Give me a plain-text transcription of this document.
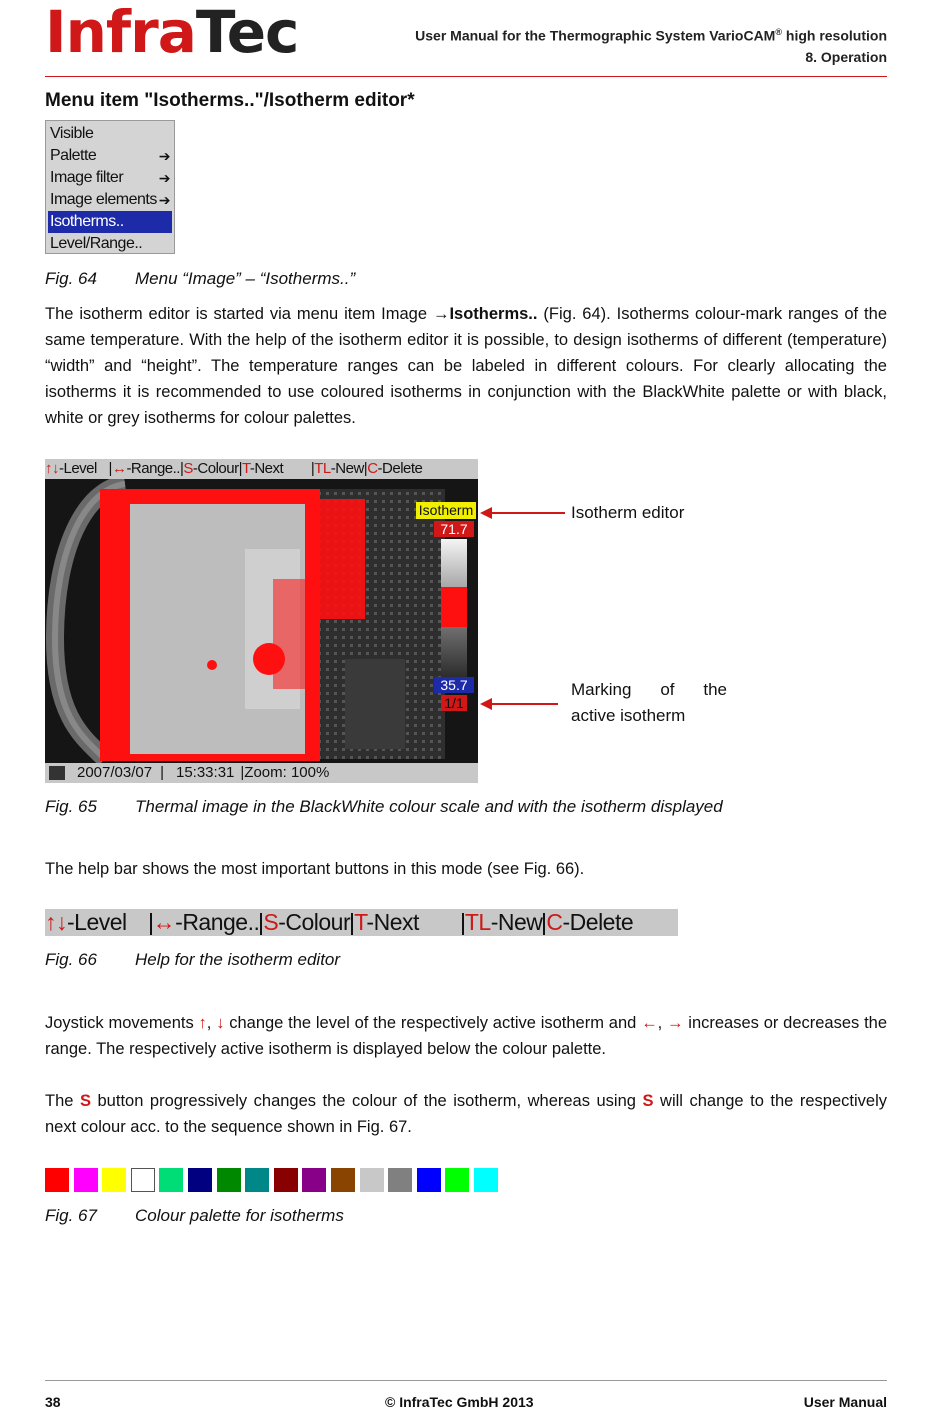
InfraTec	User Manual for the Thermographic System VarioCAM® high resolution
8. Operation
Menu item "Isotherms.."/Isotherm editor*
Visible
Palette	➔
Image filter	➔
Image elements ➔
Isotherms..
Level/Range..
Fig. 64 Menu “Image” – “Isotherms..”
The isotherm editor is started via menu item Image →Isotherms.. (Fig. 64). Isotherms colour-mark ranges of the same temperature. With the help of the isotherm editor it is possible, to design isotherms of different (temperature) “width” and “height”. The temperature ranges can be labeled in different colours. For clearly allocating the isotherms it is recommended to use coloured isotherms in conjunction with the BlackWhite palette or with black, white or grey isotherms for colour palettes.
↑↓-Level |↔-Range..|S-Colour|T-Next |TL-New|C-Delete
Isotherm
71.7
35.7
1/1
2007/03/07 | 15:33:31 |Zoom: 100%
Isotherm editor
Marking of the
active isotherm
Fig. 65 Thermal image in the BlackWhite colour scale and with the isotherm displayed
The help bar shows the most important buttons in this mode (see Fig. 66).
↑↓-Level ↔-Range.. S-Colour T-Next TL-New C-Delete
Fig. 66 Help for the isotherm editor
Joystick movements ↑, ↓ change the level of the respectively active isotherm and ←, → increases or decreases the range. The respectively active isotherm is displayed below the colour palette.
The S button progressively changes the colour of the isotherm, whereas using S will change to the respectively next colour acc. to the sequence shown in Fig. 67.
Fig. 67 Colour palette for isotherms
38	© InfraTec GmbH 2013	User Manual
